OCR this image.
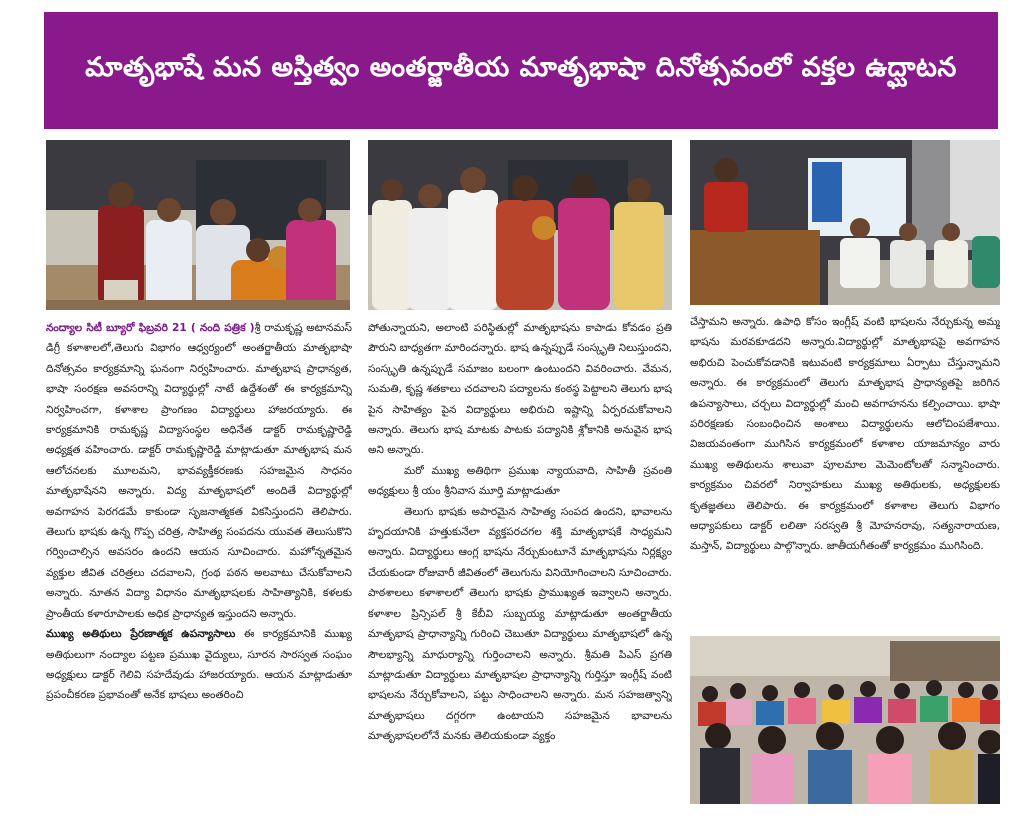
మాతృభాషే మన అస్తిత్వం అంతర్జాతీయ మాతృభాషా దినోత్సవంలో వక్తల ఉద్ఘాటన

నంద్యాల సిటీ బ్యూరో ఫిబ్రవరి 21 ( నంది పత్రిక )శ్రీ రామకృష్ణ అటానమస్ డిగ్రీ కళాశాలలో,తెలుగు విభాగం ఆధ్వర్యంలో అంతర్జాతీయ మాతృభాషా దినోత్సవం కార్యక్రమాన్ని ఘనంగా నిర్వహించారు. మాతృభాష ప్రాధాన్యత, భాషా సంరక్షణ అవసరాన్ని విద్యార్థుల్లో నాటే ఉద్దేశంతో ఈ కార్యక్రమాన్ని నిర్వహించగా, కళాశాల ప్రాంగణం విద్యార్థులు హాజరయ్యారు. ఈ కార్యక్రమానికి రామకృష్ణ విద్యాసంస్థల అధినేత డాక్టర్ రామకృష్ణారెడ్డి అధ్యక్షత వహించారు. డాక్టర్ రామకృష్ణారెడ్డి మాట్లాడుతూ మాతృభాష మన ఆలోచనలకు మూలమని, భావవ్యక్తీకరణకు సహజమైన సాధనం మాతృభాషేనని అన్నారు. విద్య మాతృభాషలో అందితే విద్యార్థుల్లో అవగాహన పెరగడమే కాకుండా సృజనాత్మకత వికసిస్తుందని తెలిపారు. తెలుగు భాషకు ఉన్న గొప్ప చరిత్ర, సాహిత్య సంపదను యువత తెలుసుకొని గర్వించాల్సిన అవసరం ఉందని ఆయన సూచించారు. మహోన్నతమైన వ్యక్తుల జీవిత చరిత్రలు చదవాలని, గ్రంథ పఠన అలవాటు చేసుకోవాలని అన్నారు. నూతన విద్యా విధానం మాతృభాషలకు సాహిత్యానికి, కళలకు ప్రాంతీయ కళారూపాలకు అధిక ప్రాధాన్యత ఇస్తుందని అన్నారు.

ముఖ్య అతిథులు ప్రేరణాత్మక ఉపన్యాసాలు ఈ కార్యక్రమానికి ముఖ్య అతిథులుగా నంద్యాల పట్టణ ప్రముఖ వైద్యులు, సూరన సారస్వత సంఘం అధ్యక్షులు డాక్టర్ గెలివి సహదేవుడు హాజరయ్యారు. ఆయన మాట్లాడుతూ ప్రపంచీకరణ ప్రభావంతో అనేక భాషలు అంతరించి

పోతున్నాయని, అలాంటి పరిస్థితుల్లో మాతృభాషను కాపాడు కోవడం ప్రతి పౌరుని బాధ్యతగా మారిందన్నారు. భాష ఉన్నప్పుడే సంస్కృతి నిలుస్తుందని, సంస్కృతి ఉన్నప్పుడే సమాజం బలంగా ఉంటుందని వివరించారు. వేమన, సుమతి, కృష్ణ శతకాలు చదవాలని పద్యాలను కంఠస్థ పెట్టాలని తెలుగు భాష పైన సాహిత్యం పైన విద్యార్థులు అభిరుచి ఇష్టాన్ని ఏర్పరచుకోవాలని అన్నారు. తెలుగు భాష మాటకు పాటకు పద్యానికి శ్లోకానికి అనువైన భాష అని అన్నారు.

మరో ముఖ్య అతిథిగా ప్రముఖ న్యాయవాది, సాహితీ స్రవంతి అధ్యక్షులు శ్రీ యం శ్రీనివాస మూర్తి మాట్లాడుతూ

తెలుగు భాషకు అపారమైన సాహిత్య సంపద ఉందని, భావాలను హృదయానికి హత్తుకునేలా వ్యక్తపరచగల శక్తి మాతృభాషకే సాధ్యమని అన్నారు. విద్యార్థులు ఆంగ్ల భాషను నేర్చుకుంటూనే మాతృభాషను నిర్లక్ష్యం చేయకుండా రోజువారీ జీవితంలో తెలుగును వినియోగించాలని సూచించారు. పాఠశాలలు కళాశాలలో తెలుగు భాషకు ప్రాముఖ్యత ఇవ్వాలని అన్నారు. కళాశాల ప్రిన్సిపల్ శ్రీ కేబీవి సుబ్బయ్య మాట్లాడుతూ అంతర్జాతీయ మాతృభాష ప్రాధాన్యాన్ని గురించి చెబుతూ విద్యార్థులు మాతృభాషలో ఉన్న సౌలభ్యాన్ని మాధుర్యాన్ని గుర్తించాలని అన్నారు. శ్రీమతి పిఎస్ ప్రగతి మాట్లాడుతూ విద్యార్థులు మాతృభాషల ప్రాధాన్యాన్ని గుర్తిస్తూ ఇంగ్లీష్ వంటి భాషలను నేర్చుకోవాలని, పట్టు సాధించాలని అన్నారు. మన సహజత్వాన్ని మాతృభాషలు దగ్గరగా ఉంటాయని సహజమైన భావాలను మాతృభాషలలోనే మనకు తెలియకుండా వ్యక్తం

చేస్తామని అన్నారు. ఉపాధి కోసం ఇంగ్లీష్ వంటి భాషలను నేర్చుకున్న అమ్మ భాషను మరవకూడదని అన్నారు.విద్యార్థుల్లో మాతృభాషపై అవగాహన అభిరుచి పెంచుకోవడానికి ఇటువంటి కార్యక్రమాలు ఏర్పాటు చేస్తున్నామని అన్నారు. ఈ కార్యక్రమంలో తెలుగు మాతృభాష ప్రాధాన్యతపై జరిగిన ఉపన్యాసాలు, చర్చలు విద్యార్థుల్లో మంచి అవగాహనను కల్పించాయి. భాషా పరిరక్షణకు సంబంధించిన అంశాలు విద్యార్థులను ఆలోచింపజేశాయి. విజయవంతంగా ముగిసిన కార్యక్రమంలో కళాశాల యాజమాన్యం వారు ముఖ్య అతిథులను శాలువా పూలమాల మెమెంటోలతో సన్మానించారు. కార్యక్రమం చివరలో నిర్వాహకులు ముఖ్య అతిథులకు, అధ్యక్షులకు కృతజ్ఞతలు తెలిపారు. ఈ కార్యక్రమంలో కళాశాల తెలుగు విభాగం అధ్యాపకులు డాక్టర్ లలితా సరస్వతి శ్రీ మోహనరావు, సత్యనారాయణ, మస్తాన్, విద్యార్థులు పాల్గొన్నారు. జాతీయగీతంతో కార్యక్రమం ముగిసింది.
